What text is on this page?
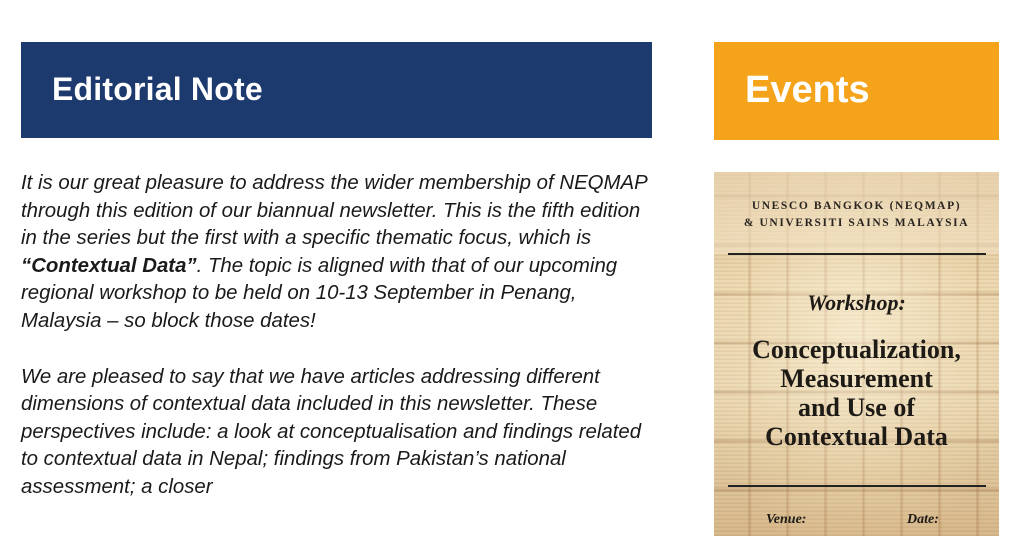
Editorial Note	Events

It is our great pleasure to address the wider membership of NEQMAP through this edition of our biannual newsletter. This is the fifth edition in the series but the first with a specific thematic focus, which is “Contextual Data”. The topic is aligned with that of our upcoming regional workshop to be held on 10-13 September in Penang, Malaysia – so block those dates!

We are pleased to say that we have articles addressing different dimensions of contextual data included in this newsletter. These perspectives include: a look at conceptualisation and findings related to contextual data in Nepal; findings from Pakistan’s national assessment; a closer

UNESCO BANGKOK (NEQMAP)
& UNIVERSITI SAINS MALAYSIA
Workshop:
Conceptualization,
Measurement
and Use of
Contextual Data
Venue:	Date:
